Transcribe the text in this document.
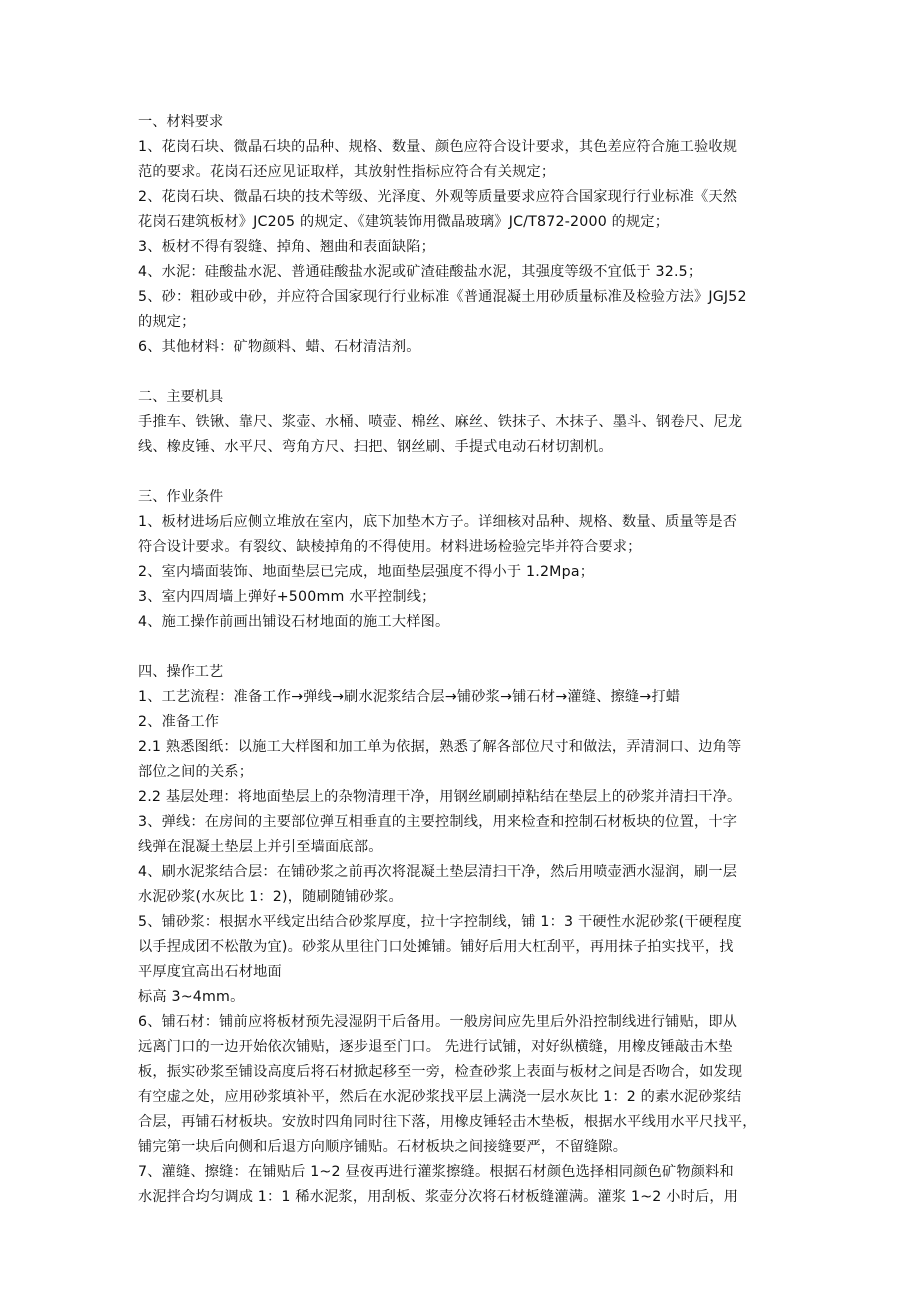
一、材料要求

1、花岗石块、微晶石块的品种、规格、数量、颜色应符合设计要求，其色差应符合施工验收规

范的要求。花岗石还应见证取样，其放射性指标应符合有关规定；

2、花岗石块、微晶石块的技术等级、光泽度、外观等质量要求应符合国家现行行业标准《天然

花岗石建筑板材》JC205 的规定、《建筑装饰用微晶玻璃》JC/T872-2000 的规定；

3、板材不得有裂缝、掉角、翘曲和表面缺陷；

4、水泥：硅酸盐水泥、普通硅酸盐水泥或矿渣硅酸盐水泥，其强度等级不宜低于 32.5；

5、砂：粗砂或中砂，并应符合国家现行行业标准《普通混凝土用砂质量标准及检验方法》JGJ52

的规定；

6、其他材料：矿物颜料、蜡、石材清洁剂。

二、主要机具

手推车、铁锹、靠尺、浆壶、水桶、喷壶、棉丝、麻丝、铁抹子、木抹子、墨斗、钢卷尺、尼龙

线、橡皮锤、水平尺、弯角方尺、扫把、钢丝刷、手提式电动石材切割机。

三、作业条件

1、板材进场后应侧立堆放在室内，底下加垫木方子。详细核对品种、规格、数量、质量等是否

符合设计要求。有裂纹、缺棱掉角的不得使用。材料进场检验完毕并符合要求；

2、室内墙面装饰、地面垫层已完成，地面垫层强度不得小于 1.2Mpa；

3、室内四周墙上弹好+500mm 水平控制线；

4、施工操作前画出铺设石材地面的施工大样图。

四、操作工艺

1、工艺流程：准备工作→弹线→刷水泥浆结合层→铺砂浆→铺石材→灌缝、擦缝→打蜡

2、准备工作

2.1 熟悉图纸：以施工大样图和加工单为依据，熟悉了解各部位尺寸和做法，弄清洞口、边角等

部位之间的关系；

2.2 基层处理：将地面垫层上的杂物清理干净，用钢丝刷刷掉粘结在垫层上的砂浆并清扫干净。

3、弹线：在房间的主要部位弹互相垂直的主要控制线，用来检查和控制石材板块的位置，十字

线弹在混凝土垫层上并引至墙面底部。

4、刷水泥浆结合层：在铺砂浆之前再次将混凝土垫层清扫干净，然后用喷壶洒水湿润，刷一层

水泥砂浆(水灰比 1：2)，随刷随铺砂浆。

5、铺砂浆：根据水平线定出结合砂浆厚度，拉十字控制线，铺 1：3 干硬性水泥砂浆(干硬程度

以手捏成团不松散为宜)。砂浆从里往门口处摊铺。铺好后用大杠刮平，再用抹子拍实找平，找

平厚度宜高出石材地面

标高 3~4mm。

6、铺石材：铺前应将板材预先浸湿阴干后备用。一般房间应先里后外沿控制线进行铺贴，即从

远离门口的一边开始依次铺贴，逐步退至门口。 先进行试铺，对好纵横缝，用橡皮锤敲击木垫

板，振实砂浆至铺设高度后将石材掀起移至一旁，检查砂浆上表面与板材之间是否吻合，如发现

有空虚之处，应用砂浆填补平，然后在水泥砂浆找平层上满浇一层水灰比 1：2 的素水泥砂浆结

合层，再铺石材板块。安放时四角同时往下落，用橡皮锤轻击木垫板，根据水平线用水平尺找平，

铺完第一块后向侧和后退方向顺序铺贴。石材板块之间接缝要严，不留缝隙。

7、灌缝、擦缝：在铺贴后 1~2 昼夜再进行灌浆擦缝。根据石材颜色选择相同颜色矿物颜料和

水泥拌合均匀调成 1：1 稀水泥浆，用刮板、浆壶分次将石材板缝灌满。灌浆 1~2 小时后，用
